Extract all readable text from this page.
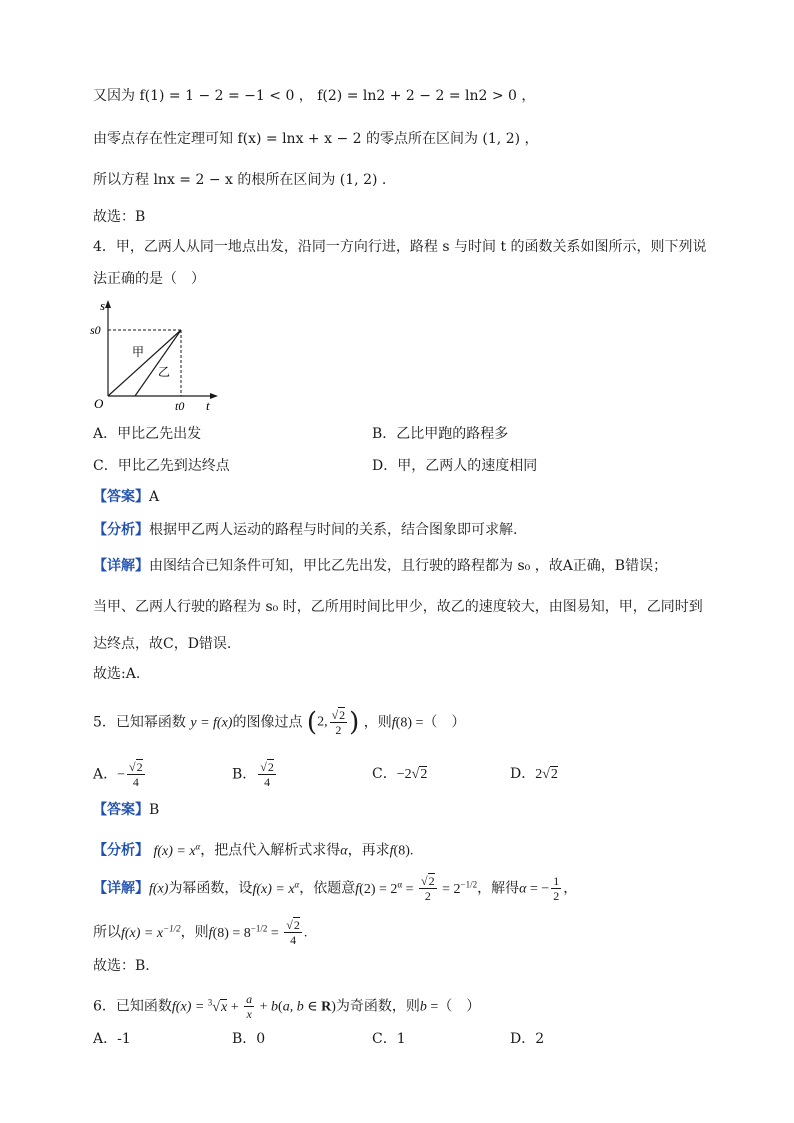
又因为 f(1) = 1 − 2 = −1 < 0 ， f(2) = ln2 + 2 − 2 = ln2 > 0 ，
由零点存在性定理可知 f(x) = lnx + x − 2 的零点所在区间为 (1, 2) ，
所以方程 lnx = 2 − x 的根所在区间为 (1, 2) .
故选：B
4．甲，乙两人从同一地点出发，沿同一方向行进，路程 s 与时间 t 的函数关系如图所示，则下列说
法正确的是（　）
s
t
O
s0
t0
甲
乙
A．甲比乙先出发	B．乙比甲跑的路程多
C．甲比乙先到达终点	D．甲，乙两人的速度相同
【答案】A
【分析】根据甲乙两人运动的路程与时间的关系，结合图象即可求解.
【详解】由图结合已知条件可知，甲比乙先出发，且行驶的路程都为 s₀ ，故A正确，B错误；
当甲、乙两人行驶的路程为 s₀ 时，乙所用时间比甲少，故乙的速度较大，由图易知，甲，乙同时到
达终点，故C，D错误.
故选:A.
5．已知幂函数 y = f(x)的图像过点 (2, $\frac{√2}{2}$ ) ，则f(8) =（　）
A．− $\frac{√2}{4}$	B． $\frac{√2}{4}$	C．−2√2	D．2√2
【答案】B
【分析】 $f(x) = x^\alpha$，把点代入解析式求得α，再求f(8).
【详解】f(x)为幂函数，设$f(x) = x^\alpha$，依题意$f(2) = 2^\alpha = \frac{√2}{2} = 2^{-1/2}$，解得α = − $\frac{1}{2}$ ，
所以$f(x) = x^{-1/2}$，则$f(8) = 8^{-1/2} = \frac{√2}{4}$ .
故选：B.
6．已知函数$f(x) = ^3√x + \frac{a}{x} + b(a$, b ∈ R)为奇函数，则b =（　）
A．-1	B．0	C．1	D．2
